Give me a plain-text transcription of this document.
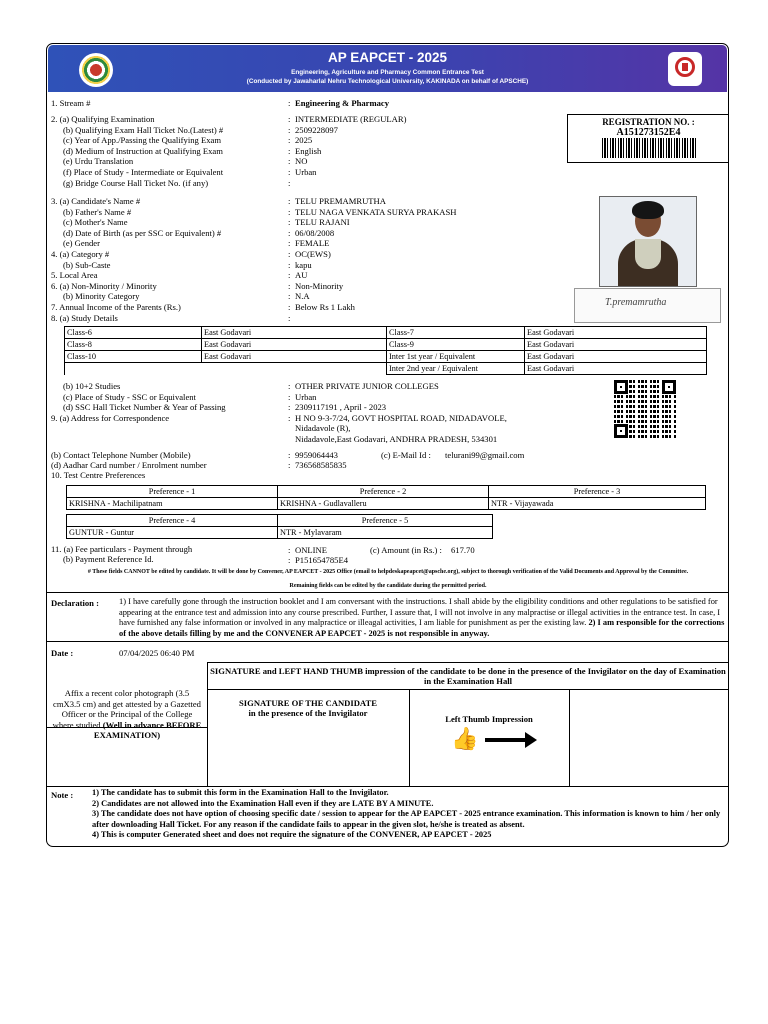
AP EAPCET - 2025
Engineering, Agriculture and Pharmacy Common Entrance Test
(Conducted by Jawaharlal Nehru Technological University, KAKINADA on behalf of APSCHE)
1. Stream #	: Engineering & Pharmacy
REGISTRATION NO. :
A151273152E4
2. (a) Qualifying Examination	: INTERMEDIATE (REGULAR)
(b) Qualifying Exam Hall Ticket No.(Latest) #	: 2509228097
(c) Year of App./Passing the Qualifying Exam	: 2025
(d) Medium of Instruction at Qualifying Exam	: English
(e) Urdu Translation	: NO
(f) Place of Study - Intermediate or Equivalent	: Urban
(g) Bridge Course Hall Ticket No. (if any)	:
T.premamrutha
3. (a) Candidate's Name #	: TELU PREMAMRUTHA
(b) Father's Name #	: TELU NAGA VENKATA SURYA PRAKASH
(c) Mother's Name	: TELU RAJANI
(d) Date of Birth (as per SSC or Equivalent) #	: 06/08/2008
(e) Gender	: FEMALE
4. (a) Category #	: OC(EWS)
(b) Sub-Caste	: kapu
5. Local Area	: AU
6. (a) Non-Minority / Minority	: Non-Minority
(b) Minority Category	: N.A
7. Annual Income of the Parents (Rs.)	: Below Rs 1 Lakh
8. (a) Study Details	:
Class-6	East Godavari	Class-7	East Godavari
Class-8	East Godavari	Class-9	East Godavari
Class-10	East Godavari	Inter 1st year / Equivalent	East Godavari
		Inter 2nd year / Equivalent	East Godavari
(b) 10+2 Studies	: OTHER PRIVATE JUNIOR COLLEGES
(c) Place of Study - SSC or Equivalent	: Urban
(d) SSC Hall Ticket Number & Year of Passing	: 2309117191 , April - 2023
9. (a) Address for Correspondence	: H NO 9-3-7/24, GOVT HOSPITAL ROAD, NIDADAVOLE,
Nidadavole (R),
Nidadavole,East Godavari, ANDHRA PRADESH, 534301
(b) Contact Telephone Number (Mobile)	: 9959064443	(c) E-Mail Id : telurani99@gmail.com
(d) Aadhar Card number / Enrolment number	: 736568585835
10. Test Centre Preferences
Preference - 1	Preference - 2	Preference - 3
KRISHNA - Machilipatnam	KRISHNA - Gudlavalleru	NTR - Vijayawada
Preference - 4	Preference - 5
GUNTUR - Guntur	NTR - Mylavaram
11. (a) Fee particulars - Payment through	: ONLINE	(c) Amount (in Rs.) : 617.70
(b) Payment Reference Id.	: P151654785E4
# These fields CANNOT be edited by candidate. It will be done by Convener, AP EAPCET - 2025 Office (email to helpdeskapeapcet@apsche.org), subject to thorough verification of the Valid Documents and Approval by the Committee.
Remaining fields can be edited by the candidate during the permitted period.
Declaration : 1) I have carefully gone through the instruction booklet and I am conversant with the instructions. I shall abide by the eligibility conditions and other regulations to be satisfied for appearing at the entrance test and admission into any course prescribed. Further, I assure that, I will not involve in any malpractise or illegal activities in the entrance test. In case, I have furnished any false information or involved in any malpractice or illeagal activities, I am liable for punishment as per the existing law. 2) I am responsible for the corrections of the above details filling by me and the CONVENER AP EAPCET - 2025 is not responsible in anyway.
Date :	07/04/2025 06:40 PM
SIGNATURE and LEFT HAND THUMB impression of the candidate to be done in the presence of the Invigilator on the day of Examination in the Examination Hall
SIGNATURE OF THE CANDIDATE
in the presence of the Invigilator
Left Thumb Impression
👍
Affix a recent color photograph (3.5 cmX3.5 cm) and get attested by a Gazetted Officer or the Principal of the College where studied (Well in advance BEFORE EXAMINATION)
Note : 1) The candidate has to submit this form in the Examination Hall to the Invigilator.
2) Candidates are not allowed into the Examination Hall even if they are LATE BY A MINUTE.
3) The candidate does not have option of choosing specific date / session to appear for the AP EAPCET - 2025 entrance examination. This information is known to him / her only after downloading Hall Ticket. For any reason if the candidate fails to appear in the given slot, he/she is treated as absent.
4) This is computer Generated sheet and does not require the signature of the CONVENER, AP EAPCET - 2025
